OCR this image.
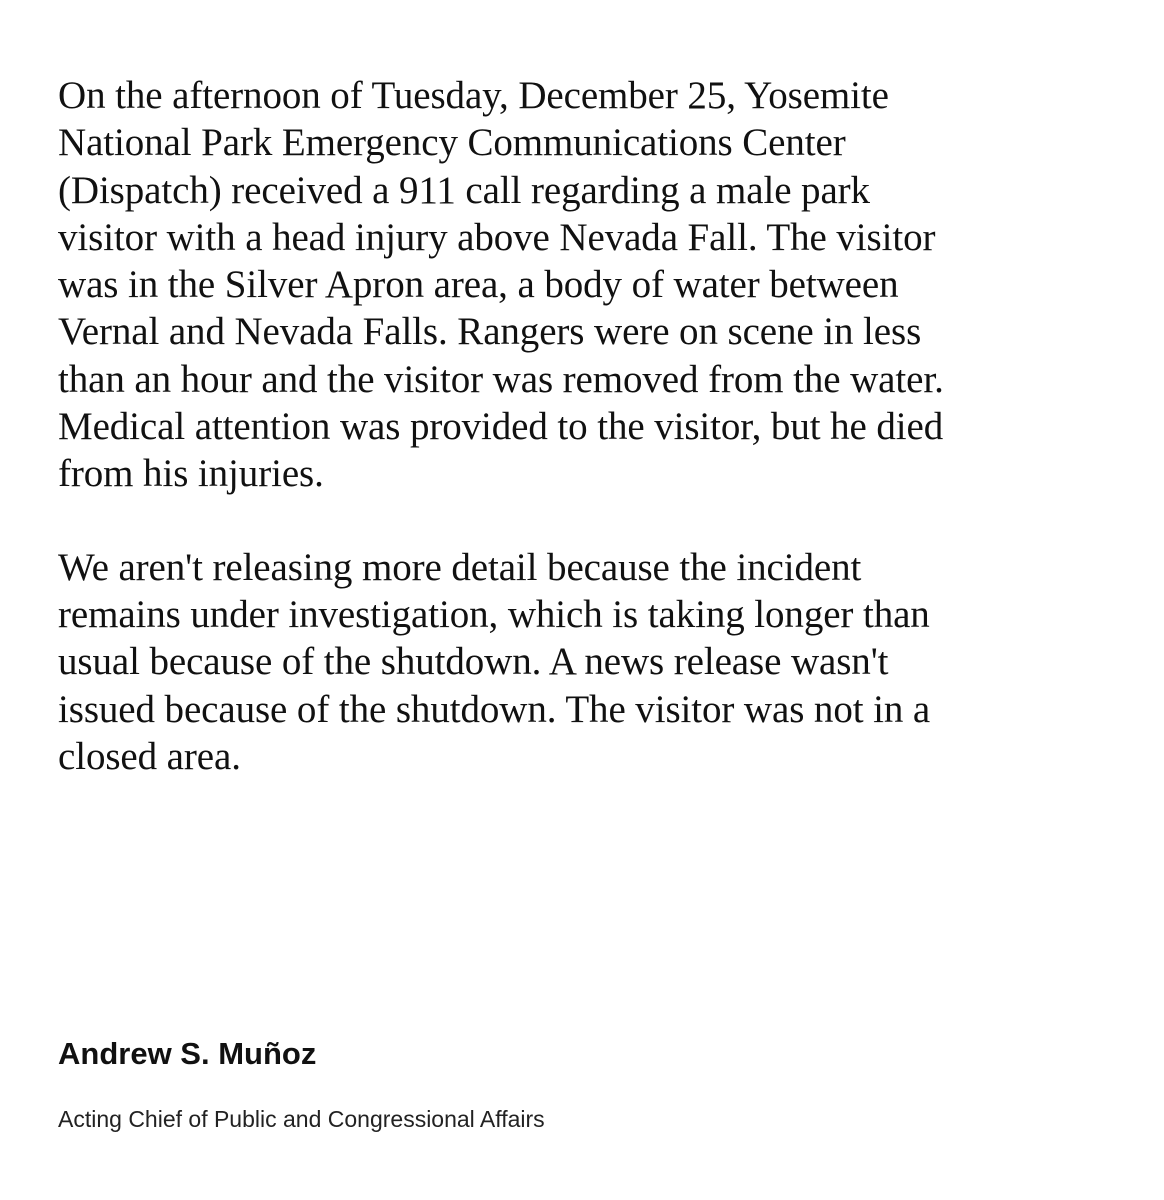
On the afternoon of Tuesday, December 25, Yosemite
National Park Emergency Communications Center
(Dispatch) received a 911 call regarding a male park
visitor with a head injury above Nevada Fall. The visitor
was in the Silver Apron area, a body of water between
Vernal and Nevada Falls. Rangers were on scene in less
than an hour and the visitor was removed from the water.
Medical attention was provided to the visitor, but he died
from his injuries.

We aren't releasing more detail because the incident
remains under investigation, which is taking longer than
usual because of the shutdown. A news release wasn't
issued because of the shutdown. The visitor was not in a
closed area.

Andrew S. Muñoz

Acting Chief of Public and Congressional Affairs
